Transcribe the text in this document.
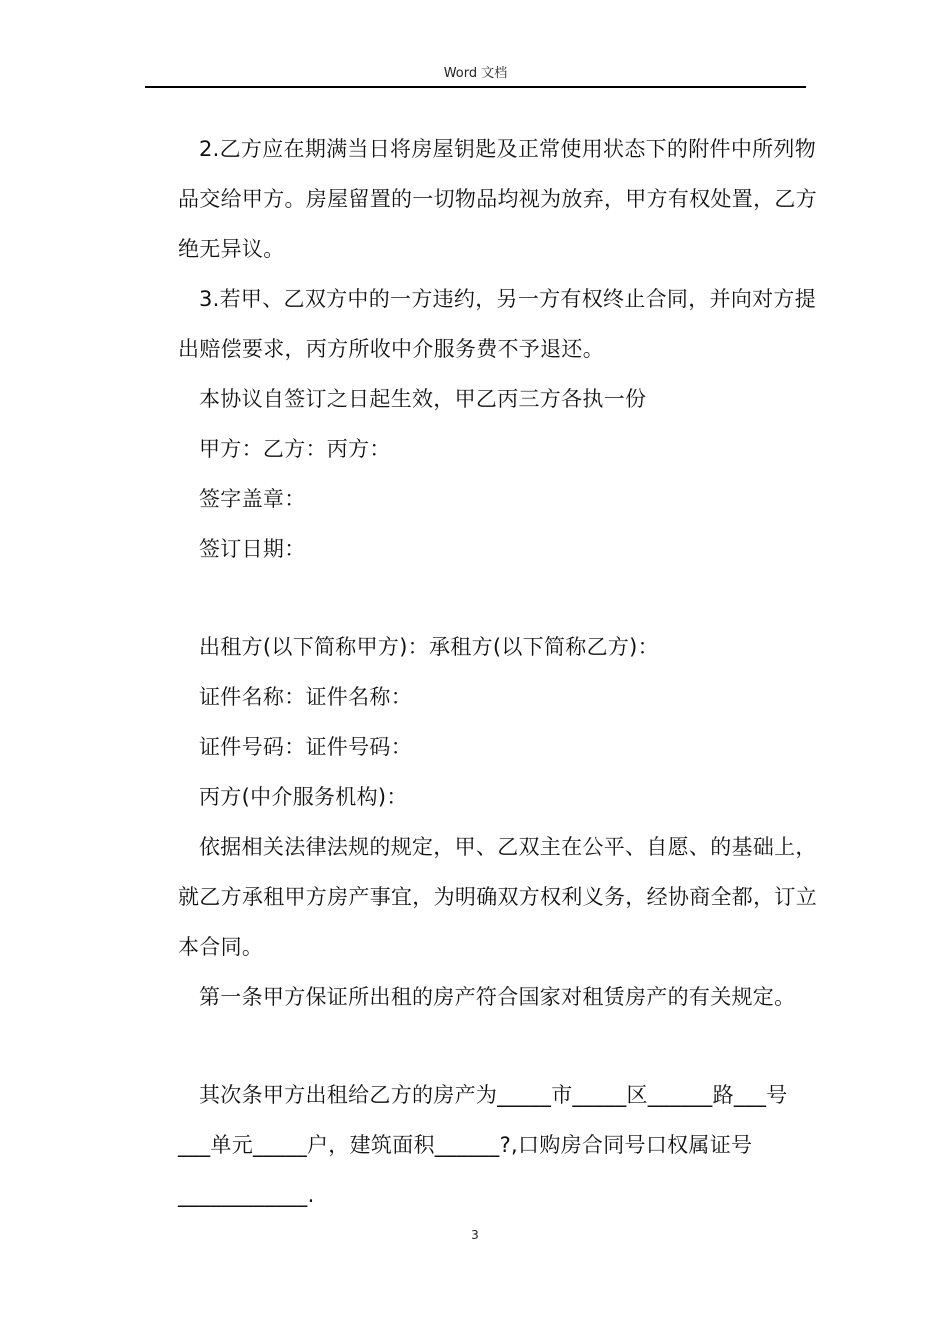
Word 文档

2.乙方应在期满当日将房屋钥匙及正常使用状态下的附件中所列物品交给甲方。房屋留置的一切物品均视为放弃，甲方有权处置，乙方绝无异议。

3.若甲、乙双方中的一方违约，另一方有权终止合同，并向对方提出赔偿要求，丙方所收中介服务费不予退还。

本协议自签订之日起生效，甲乙丙三方各执一份

甲方：乙方：丙方：

签字盖章：

签订日期：

出租方(以下简称甲方)：承租方(以下简称乙方)：

证件名称：证件名称：

证件号码：证件号码：

丙方(中介服务机构)：

依据相关法律法规的规定，甲、乙双主在公平、自愿、的基础上，就乙方承租甲方房产事宜，为明确双方权利义务，经协商全都，订立本合同。

第一条甲方保证所出租的房产符合国家对租赁房产的有关规定。

其次条甲方出租给乙方的房产为_____市_____区______路___号___单元_____户，建筑面积______?,口购房合同号口权属证号____________.

3
